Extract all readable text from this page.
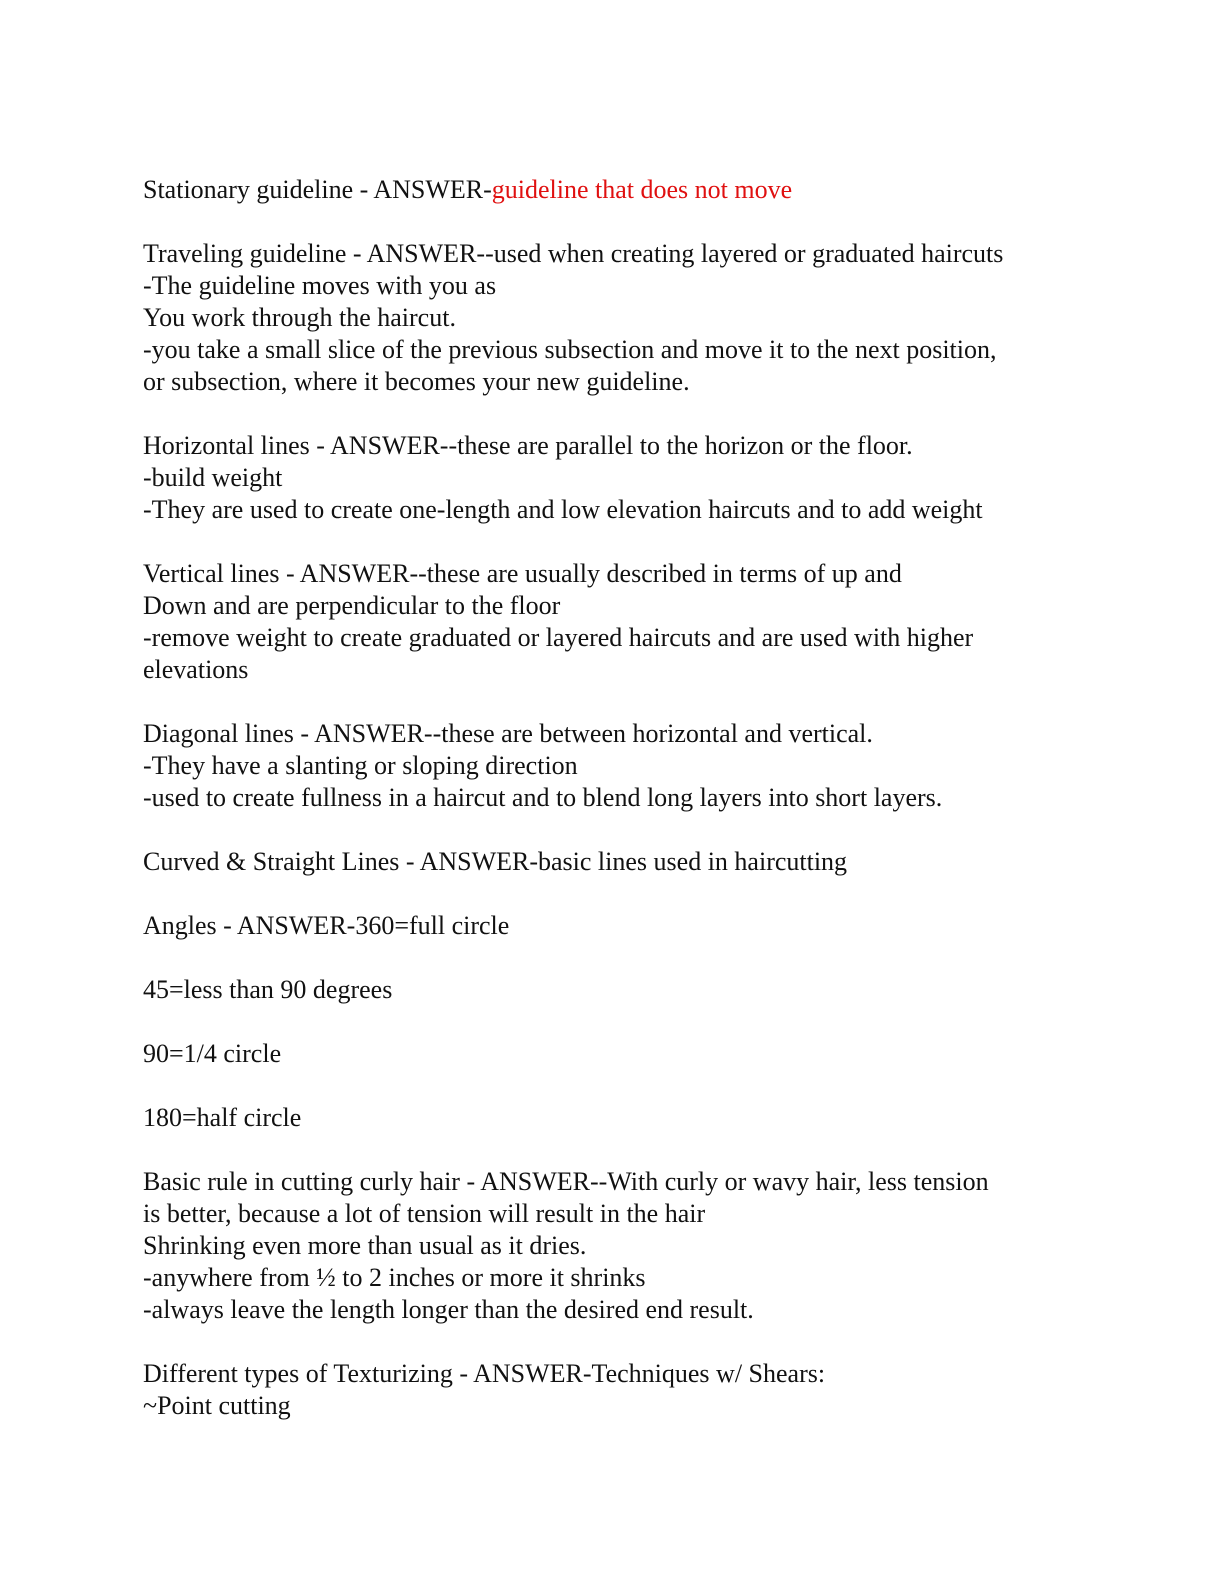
Stationary guideline - ANSWER-guideline that does not move
Traveling guideline - ANSWER--used when creating layered or graduated haircuts
-The guideline moves with you as
You work through the haircut.
-you take a small slice of the previous subsection and move it to the next position,
or subsection, where it becomes your new guideline.
Horizontal lines - ANSWER--these are parallel to the horizon or the floor.
-build weight
-They are used to create one-length and low elevation haircuts and to add weight
Vertical lines - ANSWER--these are usually described in terms of up and
Down and are perpendicular to the floor
-remove weight to create graduated or layered haircuts and are used with higher
elevations
Diagonal lines - ANSWER--these are between horizontal and vertical.
-They have a slanting or sloping direction
-used to create fullness in a haircut and to blend long layers into short layers.
Curved & Straight Lines - ANSWER-basic lines used in haircutting
Angles - ANSWER-360=full circle
45=less than 90 degrees
90=1/4 circle
180=half circle
Basic rule in cutting curly hair - ANSWER--With curly or wavy hair, less tension
is better, because a lot of tension will result in the hair
Shrinking even more than usual as it dries.
-anywhere from ½ to 2 inches or more it shrinks
-always leave the length longer than the desired end result.
Different types of Texturizing - ANSWER-Techniques w/ Shears:
~Point cutting
